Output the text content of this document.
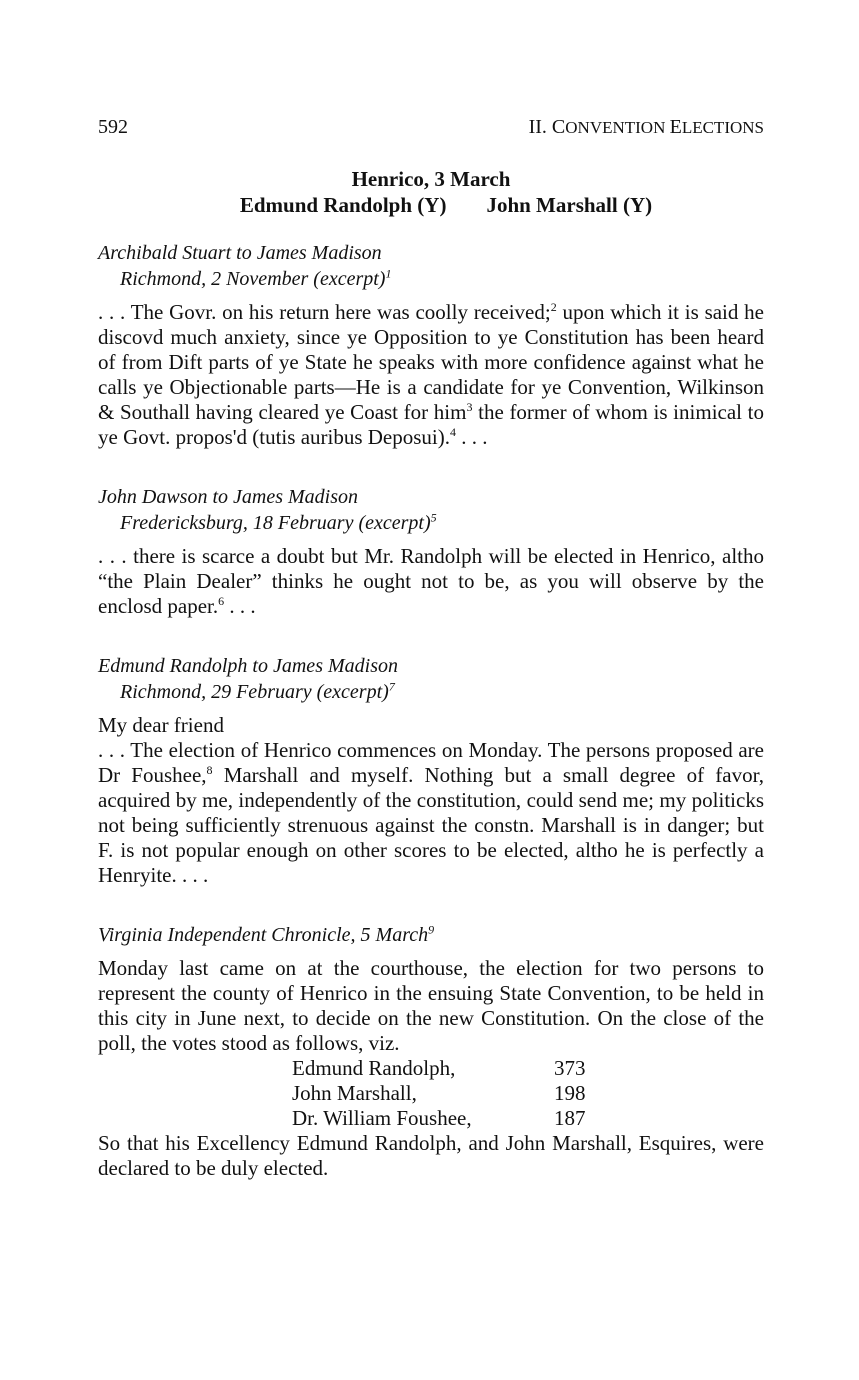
592	II. CONVENTION ELECTIONS
Henrico, 3 March
Edmund Randolph (Y) John Marshall (Y)
Archibald Stuart to James Madison
Richmond, 2 November (excerpt)$^1$

. . . The Govr. on his return here was coolly received;$^2$ upon which it is said he discovd much anxiety, since ye Opposition to ye Constitution has been heard of from Dift parts of ye State he speaks with more confidence against what he calls ye Objectionable parts—He is a candidate for ye Convention, Wilkinson & Southall having cleared ye Coast for him$^3$ the former of whom is inimical to ye Govt. propos'd (tutis auribus Deposui).$^4$ . . .

John Dawson to James Madison
Fredericksburg, 18 February (excerpt)$^5$

. . . there is scarce a doubt but Mr. Randolph will be elected in Henrico, altho “the Plain Dealer” thinks he ought not to be, as you will observe by the enclosd paper.$^6$ . . .

Edmund Randolph to James Madison
Richmond, 29 February (excerpt)$^7$
My dear friend

. . . The election of Henrico commences on Monday. The persons proposed are Dr Foushee,$^8$ Marshall and myself. Nothing but a small degree of favor, acquired by me, independently of the constitution, could send me; my politicks not being sufficiently strenuous against the constn. Marshall is in danger; but F. is not popular enough on other scores to be elected, altho he is perfectly a Henryite. . . .

Virginia Independent Chronicle, 5 March$^9$

Monday last came on at the courthouse, the election for two persons to represent the county of Henrico in the ensuing State Convention, to be held in this city in June next, to decide on the new Constitution. On the close of the poll, the votes stood as follows, viz.

Edmund Randolph,	373
John Marshall,	198
Dr. William Foushee,	187

So that his Excellency Edmund Randolph, and John Marshall, Esquires, were declared to be duly elected.
